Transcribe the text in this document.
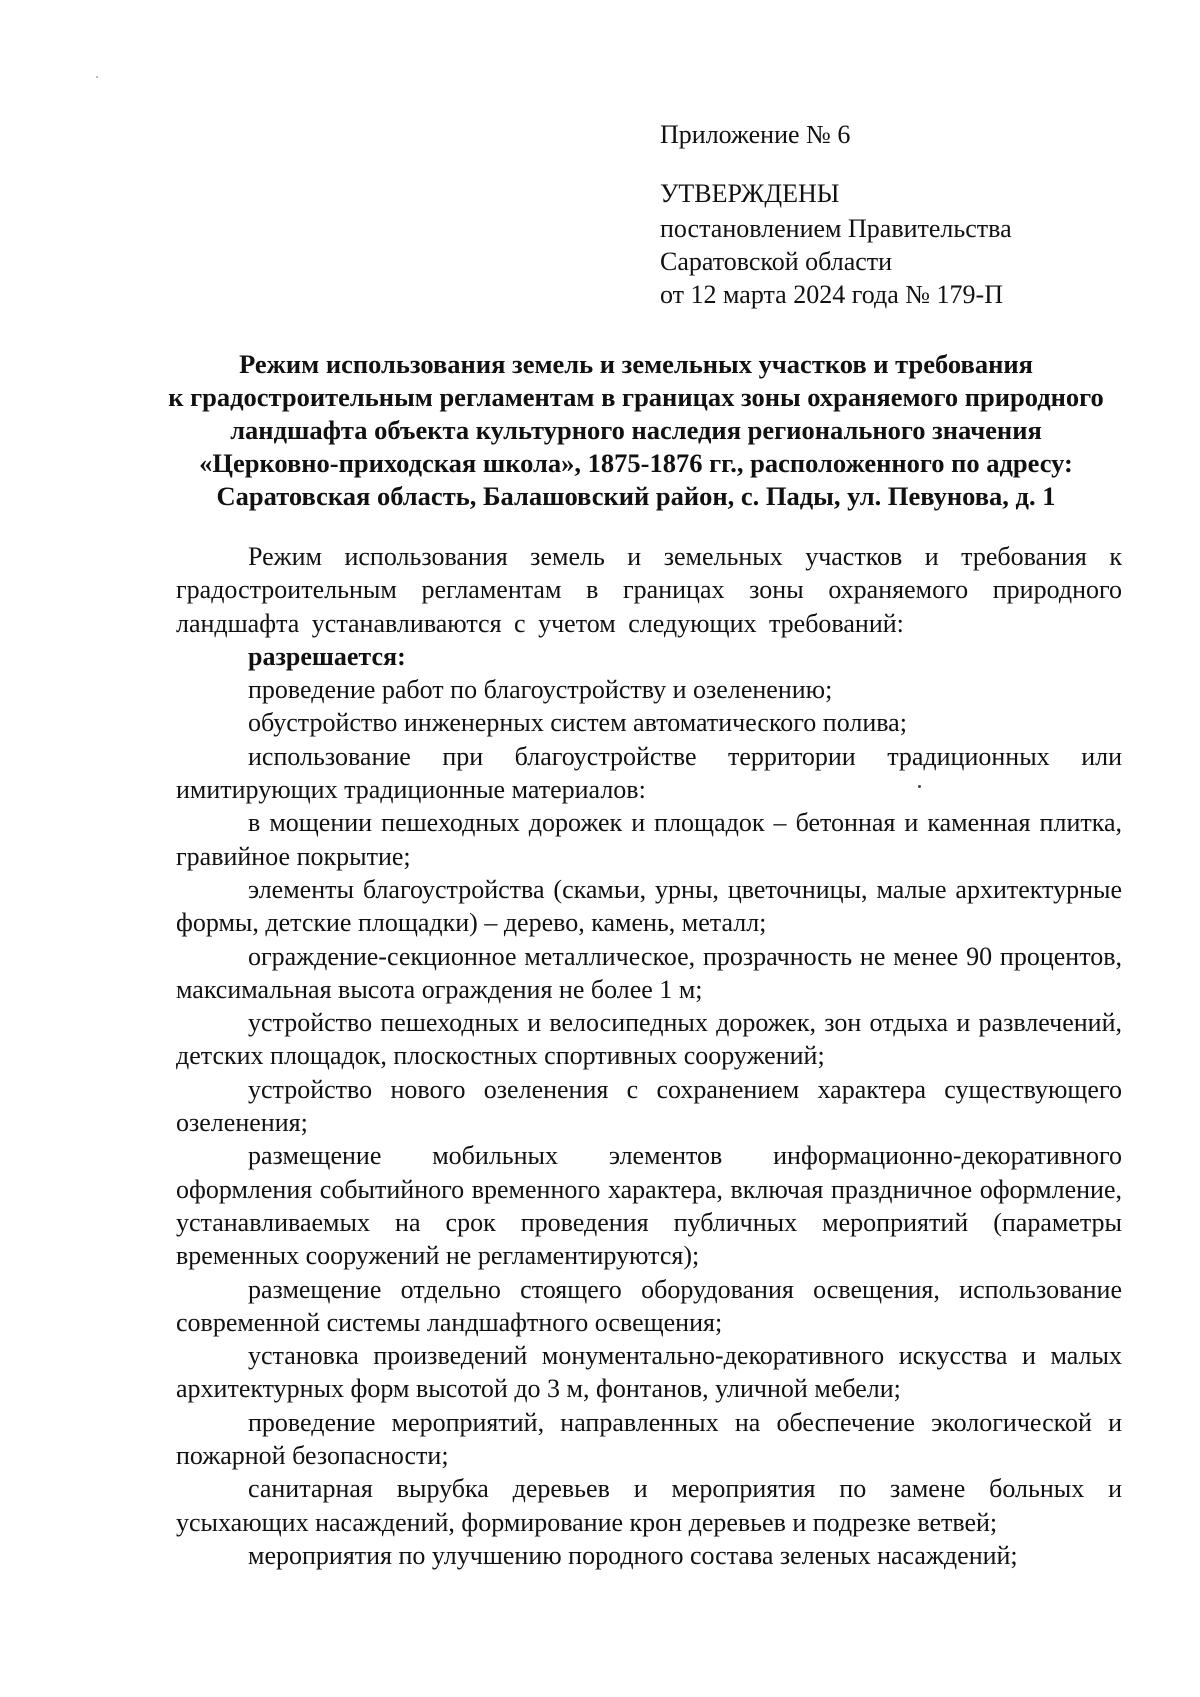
Приложение № 6
УТВЕРЖДЕНЫ
постановлением Правительства
Саратовской области
от 12 марта 2024 года № 179-П
Режим использования земель и земельных участков и требования
к градостроительным регламентам в границах зоны охраняемого природного
ландшафта объекта культурного наследия регионального значения
«Церковно-приходская школа», 1875-1876 гг., расположенного по адресу:
Саратовская область, Балашовский район, с. Пады, ул. Певунова, д. 1

Режим использования земель и земельных участков и требования к градостроительным регламентам в границах зоны охраняемого природного ландшафта устанавливаются с учетом следующих требований:

разрешается:

проведение работ по благоустройству и озеленению;

обустройство инженерных систем автоматического полива;

использование при благоустройстве территории традиционных или имитирующих традиционные материалов:

в мощении пешеходных дорожек и площадок – бетонная и каменная плитка, гравийное покрытие;

элементы благоустройства (скамьи, урны, цветочницы, малые архитектурные формы, детские площадки) – дерево, камень, металл;

ограждение-секционное металлическое, прозрачность не менее 90 процентов, максимальная высота ограждения не более 1 м;

устройство пешеходных и велосипедных дорожек, зон отдыха и развлечений, детских площадок, плоскостных спортивных сооружений;

устройство нового озеленения с сохранением характера существующего озеленения;

размещение мобильных элементов информационно-декоративного оформления событийного временного характера, включая праздничное оформление, устанавливаемых на срок проведения публичных мероприятий (параметры временных сооружений не регламентируются);

размещение отдельно стоящего оборудования освещения, использование современной системы ландшафтного освещения;

установка произведений монументально-декоративного искусства и малых архитектурных форм высотой до 3 м, фонтанов, уличной мебели;

проведение мероприятий, направленных на обеспечение экологической и пожарной безопасности;

санитарная вырубка деревьев и мероприятия по замене больных и усыхающих насаждений, формирование крон деревьев и подрезке ветвей;

мероприятия по улучшению породного состава зеленых насаждений;
